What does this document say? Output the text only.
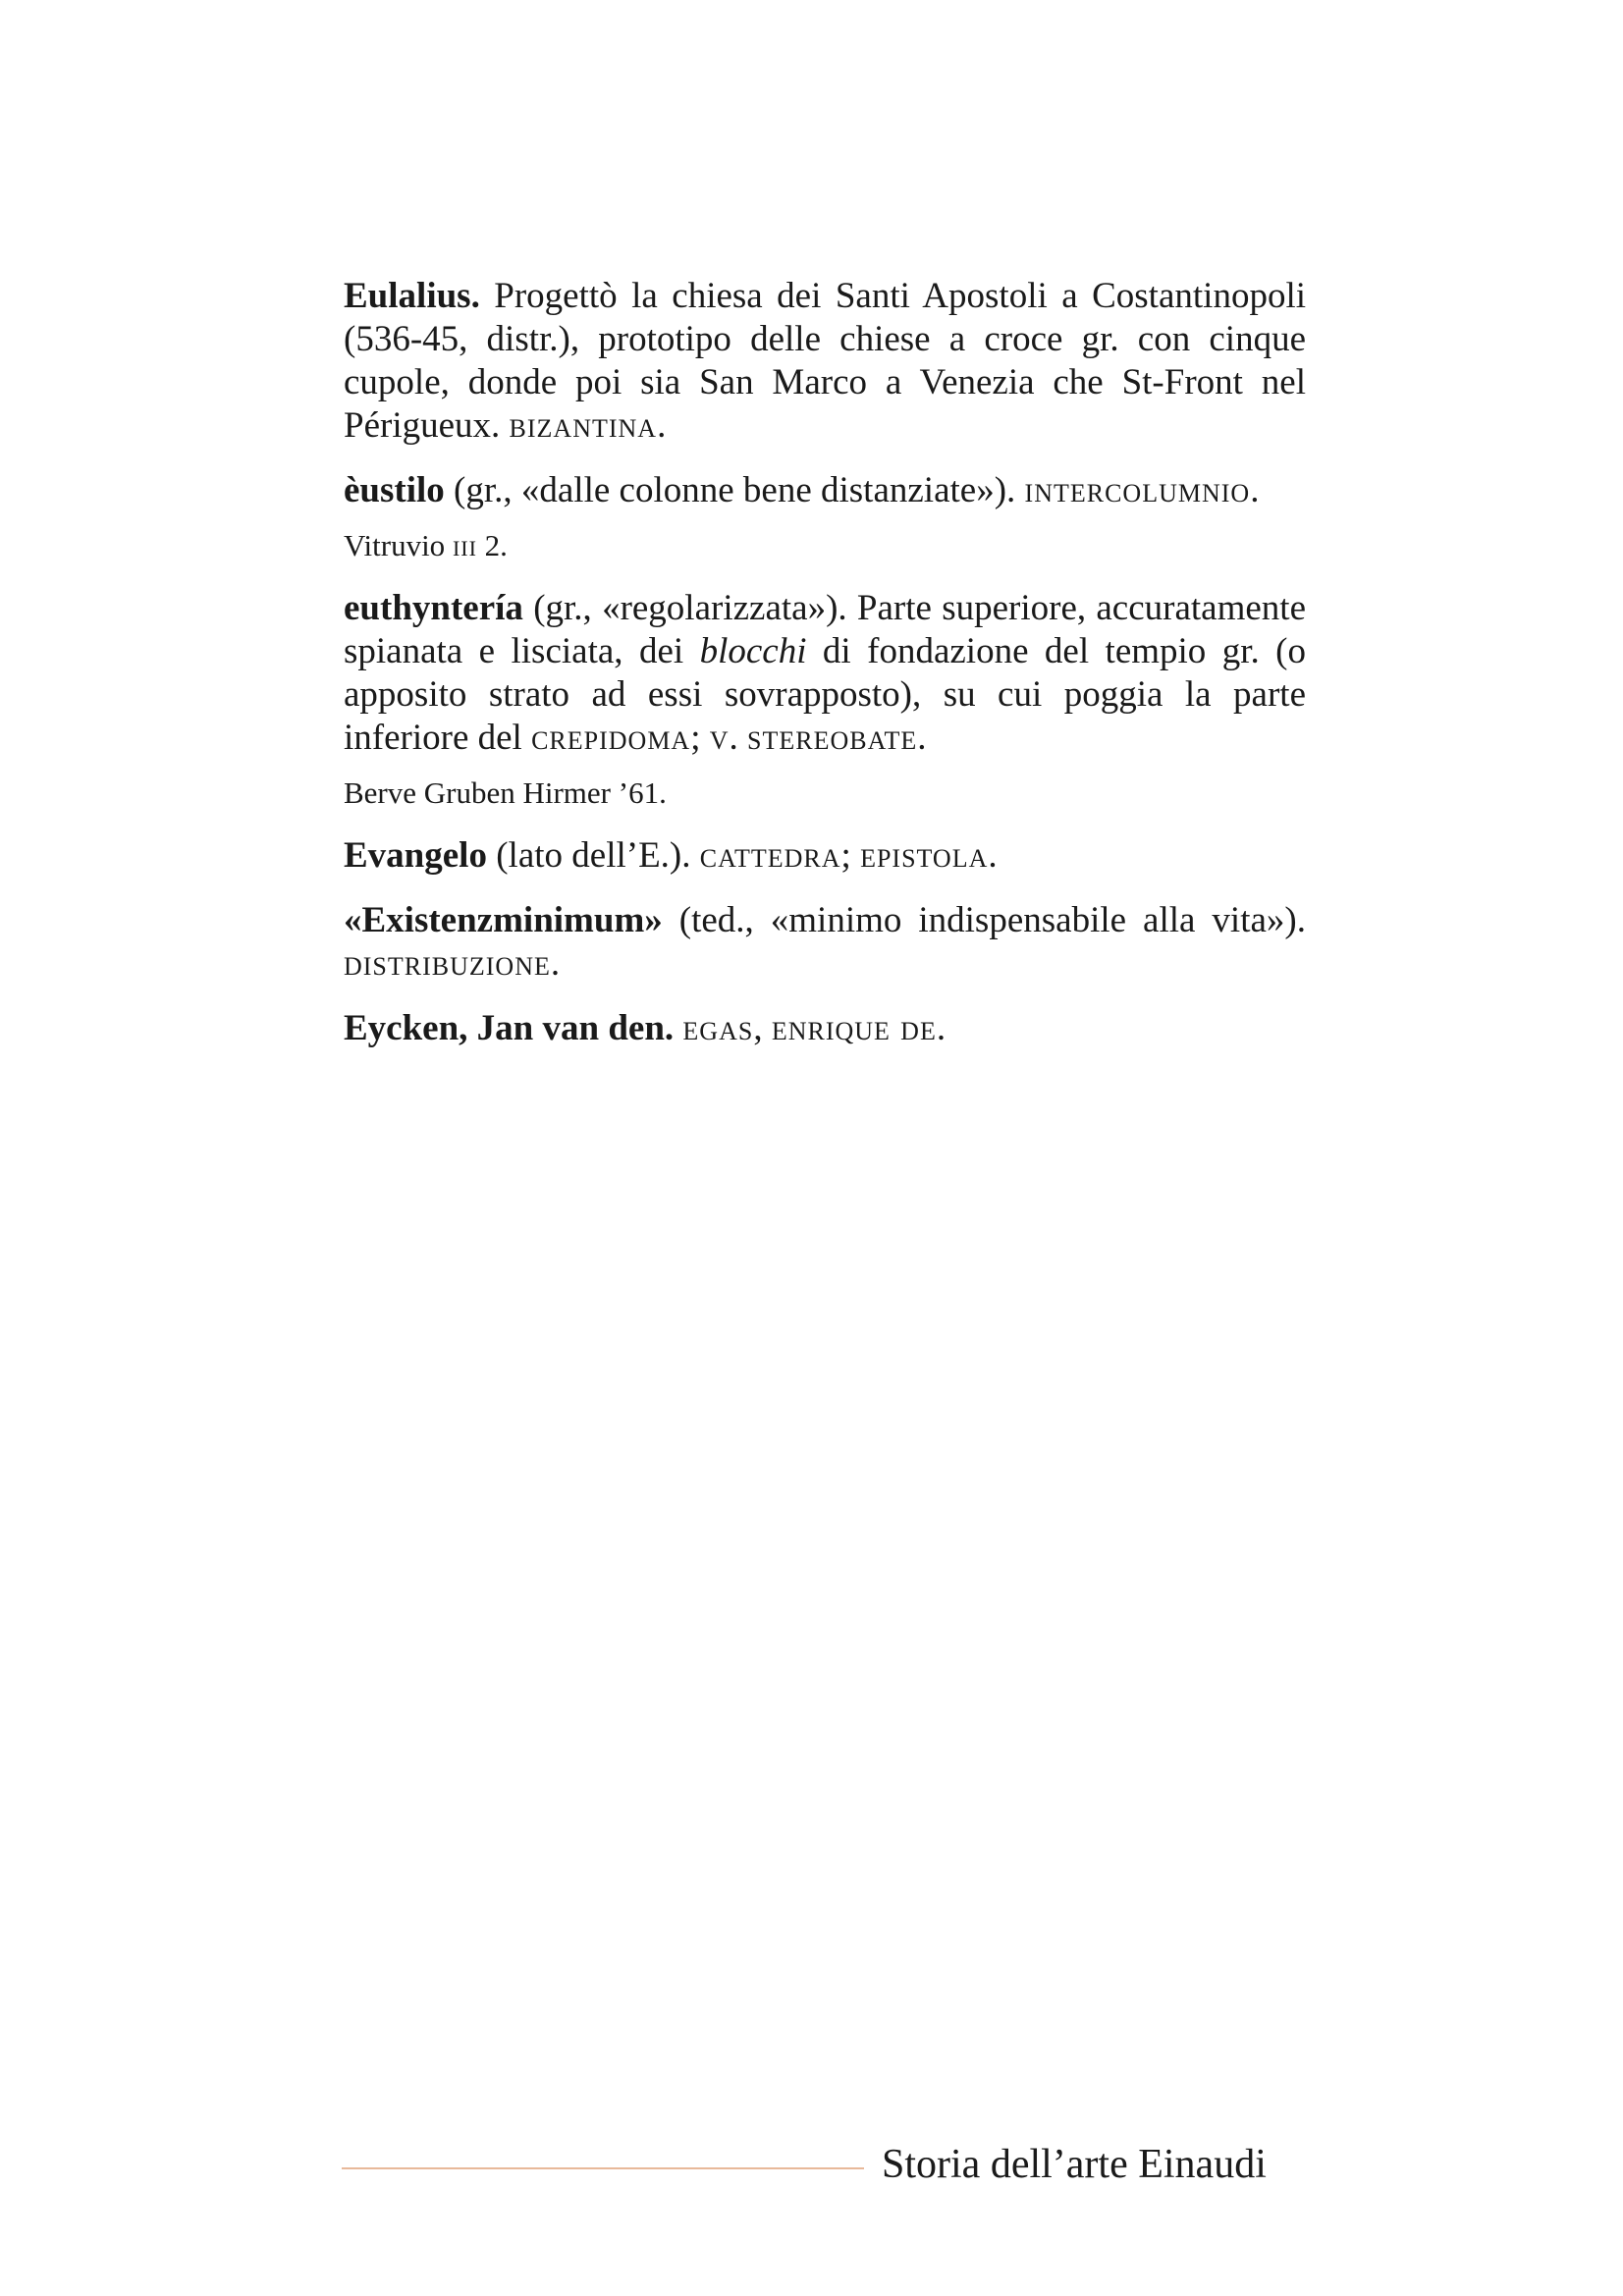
Eulalius. Progettò la chiesa dei Santi Apostoli a Costantinopoli (536-45, distr.), prototipo delle chiese a croce gr. con cinque cupole, donde poi sia San Marco a Venezia che St-Front nel Périgueux. bizantina.

èustilo (gr., «dalle colonne bene distanziate»). intercolumnio.

Vitruvio iii 2.

euthyntería (gr., «regolarizzata»). Parte superiore, accuratamente spianata e lisciata, dei blocchi di fondazione del tempio gr. (o apposito strato ad essi sovrapposto), su cui poggia la parte inferiore del crepidoma; v. stereobate.

Berve Gruben Hirmer ’61.

Evangelo (lato dell’E.). cattedra; epistola.

«Existenzminimum» (ted., «minimo indispensabile alla vita»). distribuzione.

Eycken, Jan van den. egas, enrique de.

Storia dell’arte Einaudi
